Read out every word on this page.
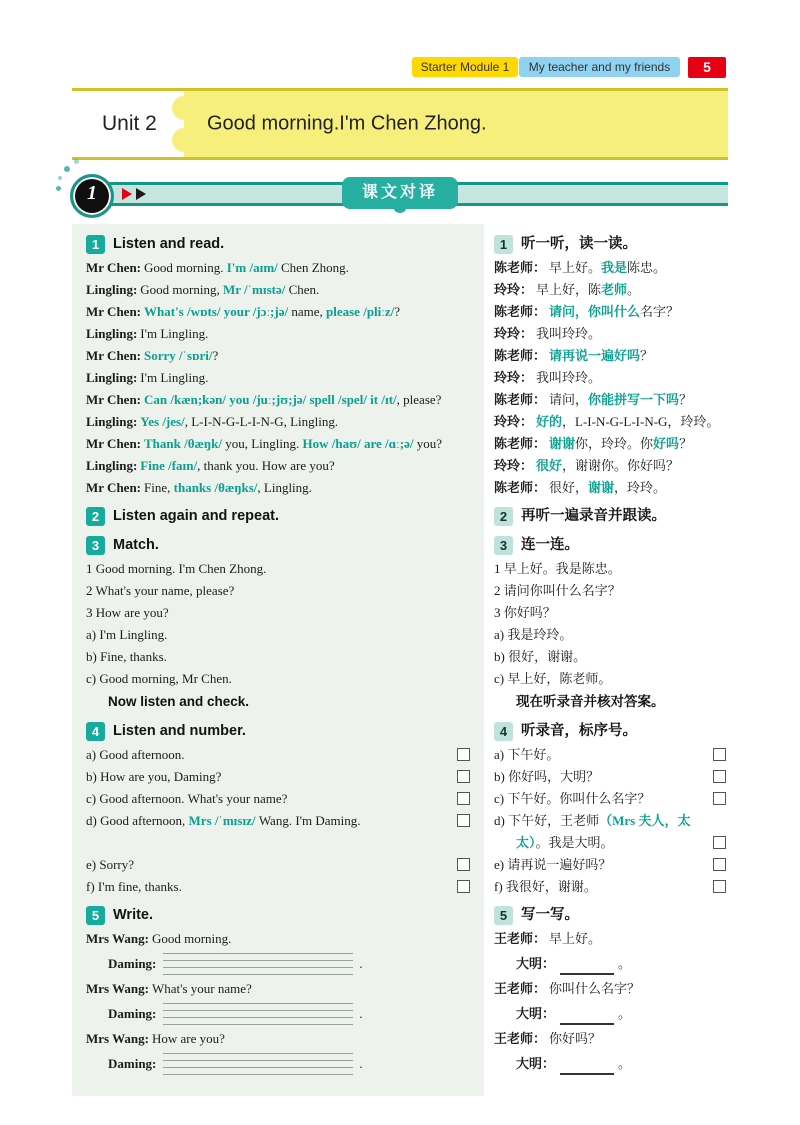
Starter Module 1	My teacher and my friends	5
Unit 2	Good morning.I'm Chen Zhong.
1	课文对译
1 Listen and read.
Mr Chen: Good morning. I'm /aɪm/ Chen Zhong.
Lingling: Good morning, Mr /ˈmɪstə/ Chen.
Mr Chen: What's /wɒts/ your /jɔː;jə/ name, please /pliːz/?
Lingling: I'm Lingling.
Mr Chen: Sorry /ˈsɒri/?
Lingling: I'm Lingling.
Mr Chen: Can /kæn;kən/ you /juː;jʊ;jə/ spell /spel/ it /ɪt/, please?
Lingling: Yes /jes/, L-I-N-G-L-I-N-G, Lingling.
Mr Chen: Thank /θæŋk/ you, Lingling. How /haʊ/ are /ɑː;ə/ you?
Lingling: Fine /faɪn/, thank you. How are you?
Mr Chen: Fine, thanks /θæŋks/, Lingling.
2 Listen again and repeat.
3 Match.
1 Good morning. I'm Chen Zhong.
2 What's your name, please?
3 How are you?
a) I'm Lingling.
b) Fine, thanks.
c) Good morning, Mr Chen.
Now listen and check.
4 Listen and number.
a) Good afternoon.
b) How are you, Daming?
c) Good afternoon. What's your name?
d) Good afternoon, Mrs /ˈmɪsɪz/ Wang. I'm Daming.
e) Sorry?
f) I'm fine, thanks.
5 Write.
Mrs Wang: Good morning.
Daming:	.
Mrs Wang: What's your name?
Daming:	.
Mrs Wang: How are you?
Daming:	.
1 听一听，读一读。
陈老师： 早上好。我是陈忠。
玲玲： 早上好，陈老师。
陈老师： 请问，你叫什么名字？
玲玲： 我叫玲玲。
陈老师： 请再说一遍好吗？
玲玲： 我叫玲玲。
陈老师： 请问，你能拼写一下吗？
玲玲： 好的，L-I-N-G-L-I-N-G，玲玲。
陈老师： 谢谢你，玲玲。你好吗？
玲玲： 很好，谢谢你。你好吗？
陈老师： 很好，谢谢，玲玲。
2 再听一遍录音并跟读。
3 连一连。
1 早上好。我是陈忠。
2 请问你叫什么名字？
3 你好吗？
a) 我是玲玲。
b) 很好，谢谢。
c) 早上好，陈老师。
现在听录音并核对答案。
4 听录音，标序号。
a) 下午好。
b) 你好吗，大明？
c) 下午好。你叫什么名字？
d) 下午好，王老师（Mrs 夫人，太太）。我是大明。
e) 请再说一遍好吗？
f) 我很好，谢谢。
5 写一写。
王老师： 早上好。
大明：	。
王老师： 你叫什么名字？
大明：	。
王老师： 你好吗？
大明：	。
